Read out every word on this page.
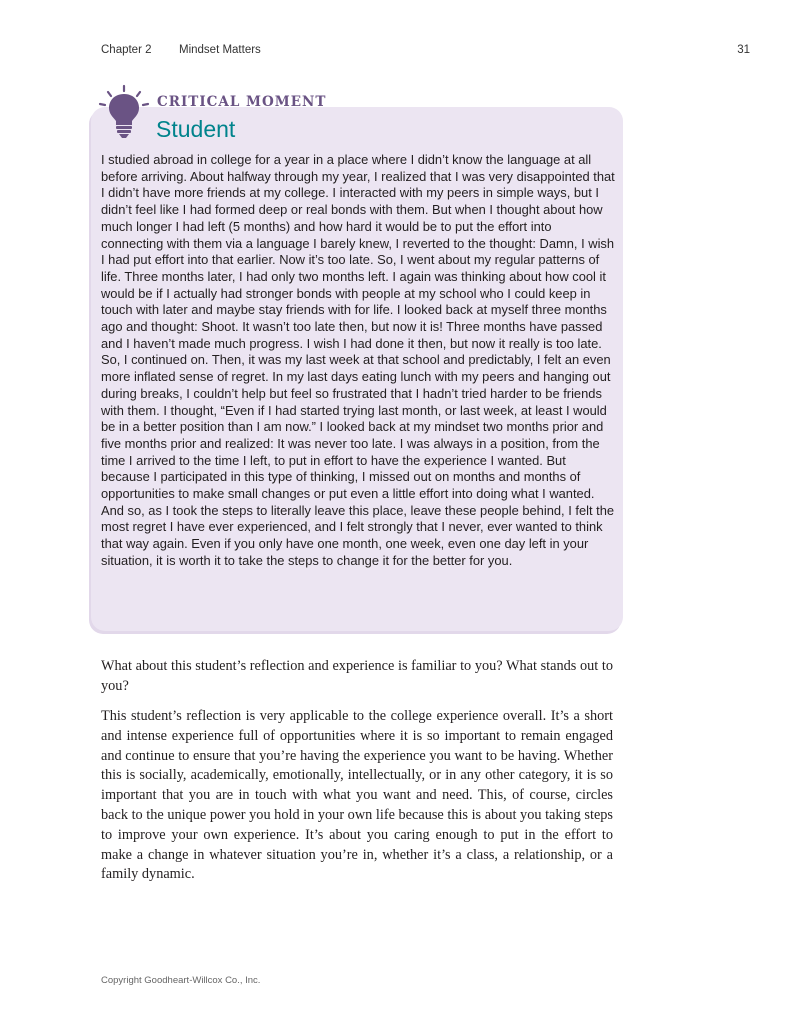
Chapter 2 Mindset Matters	31
CRITICAL MOMENT
Student

I studied abroad in college for a year in a place where I didn’t know the language at all before arriving. About halfway through my year, I realized that I was very disappointed that I didn’t have more friends at my college. I interacted with my peers in simple ways, but I didn’t feel like I had formed deep or real bonds with them. But when I thought about how much longer I had left (5 months) and how hard it would be to put the effort into connecting with them via a language I barely knew, I reverted to the thought: Damn, I wish I had put effort into that earlier. Now it’s too late. So, I went about my regular patterns of life. Three months later, I had only two months left. I again was thinking about how cool it would be if I actually had stronger bonds with people at my school who I could keep in touch with later and maybe stay friends with for life. I looked back at myself three months ago and thought: Shoot. It wasn’t too late then, but now it is! Three months have passed and I haven’t made much progress. I wish I had done it then, but now it really is too late. So, I continued on. Then, it was my last week at that school and predictably, I felt an even more inflated sense of regret. In my last days eating lunch with my peers and hanging out during breaks, I couldn’t help but feel so frustrated that I hadn’t tried harder to be friends with them. I thought, “Even if I had started trying last month, or last week, at least I would be in a better position than I am now.” I looked back at my mindset two months prior and five months prior and realized: It was never too late. I was always in a position, from the time I arrived to the time I left, to put in effort to have the experience I wanted. But because I participated in this type of thinking, I missed out on months and months of opportunities to make small changes or put even a little effort into doing what I wanted. And so, as I took the steps to literally leave this place, leave these people behind, I felt the most regret I have ever experienced, and I felt strongly that I never, ever wanted to think that way again. Even if you only have one month, one week, even one day left in your situation, it is worth it to take the steps to change it for the better for you.

What about this student’s reflection and experience is familiar to you? What stands out to you?

This student’s reflection is very applicable to the college experience overall. It’s a short and intense experience full of opportunities where it is so important to remain engaged and continue to ensure that you’re having the experience you want to be having. Whether this is socially, academically, emotionally, intellectually, or in any other category, it is so important that you are in touch with what you want and need. This, of course, circles back to the unique power you hold in your own life because this is about you taking steps to improve your own experience. It’s about you caring enough to put in the effort to make a change in whatever situation you’re in, whether it’s a class, a relationship, or a family dynamic.

Copyright Goodheart-Willcox Co., Inc.
